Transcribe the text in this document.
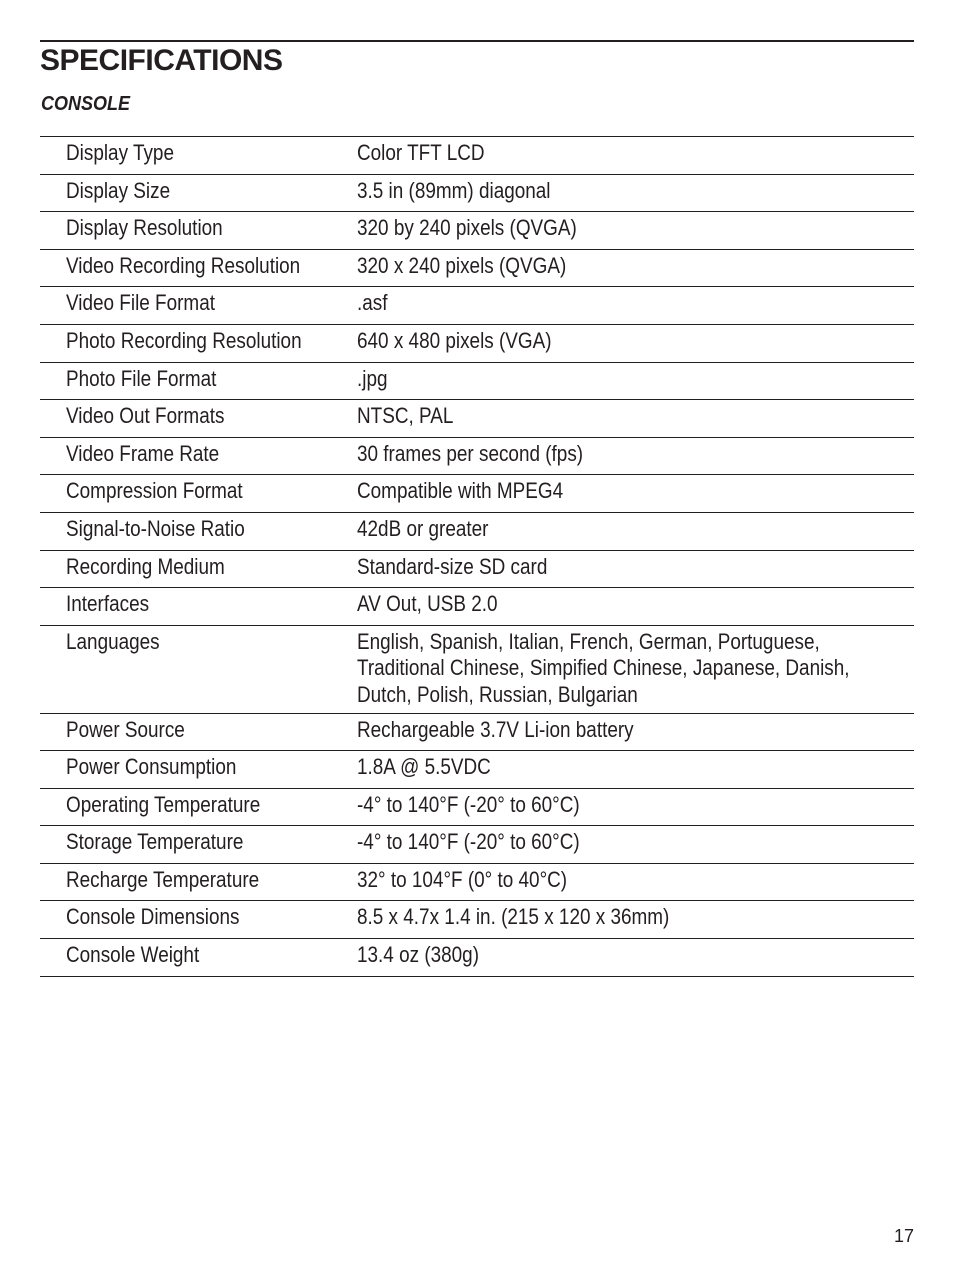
SPECIFICATIONS
CONSOLE
Display Type	Color TFT LCD
Display Size	3.5 in (89mm) diagonal
Display Resolution	320 by 240 pixels (QVGA)
Video Recording Resolution	320 x 240 pixels (QVGA)
Video File Format	.asf
Photo Recording Resolution	640 x 480 pixels (VGA)
Photo File Format	.jpg
Video Out Formats	NTSC, PAL
Video Frame Rate	30 frames per second (fps)
Compression Format	Compatible with MPEG4
Signal-to-Noise Ratio	42dB or greater
Recording Medium	Standard-size SD card
Interfaces	AV Out, USB 2.0
Languages	English, Spanish, Italian, French, German, Portuguese,
Traditional Chinese, Simpified Chinese, Japanese, Danish,
Dutch, Polish, Russian, Bulgarian
Power Source	Rechargeable 3.7V Li-ion battery
Power Consumption	1.8A @ 5.5VDC
Operating Temperature	-4° to 140°F (-20° to 60°C)
Storage Temperature	-4° to 140°F (-20° to 60°C)
Recharge Temperature	32° to 104°F (0° to 40°C)
Console Dimensions	8.5 x 4.7x 1.4 in. (215 x 120 x 36mm)
Console Weight	13.4 oz (380g)
17
